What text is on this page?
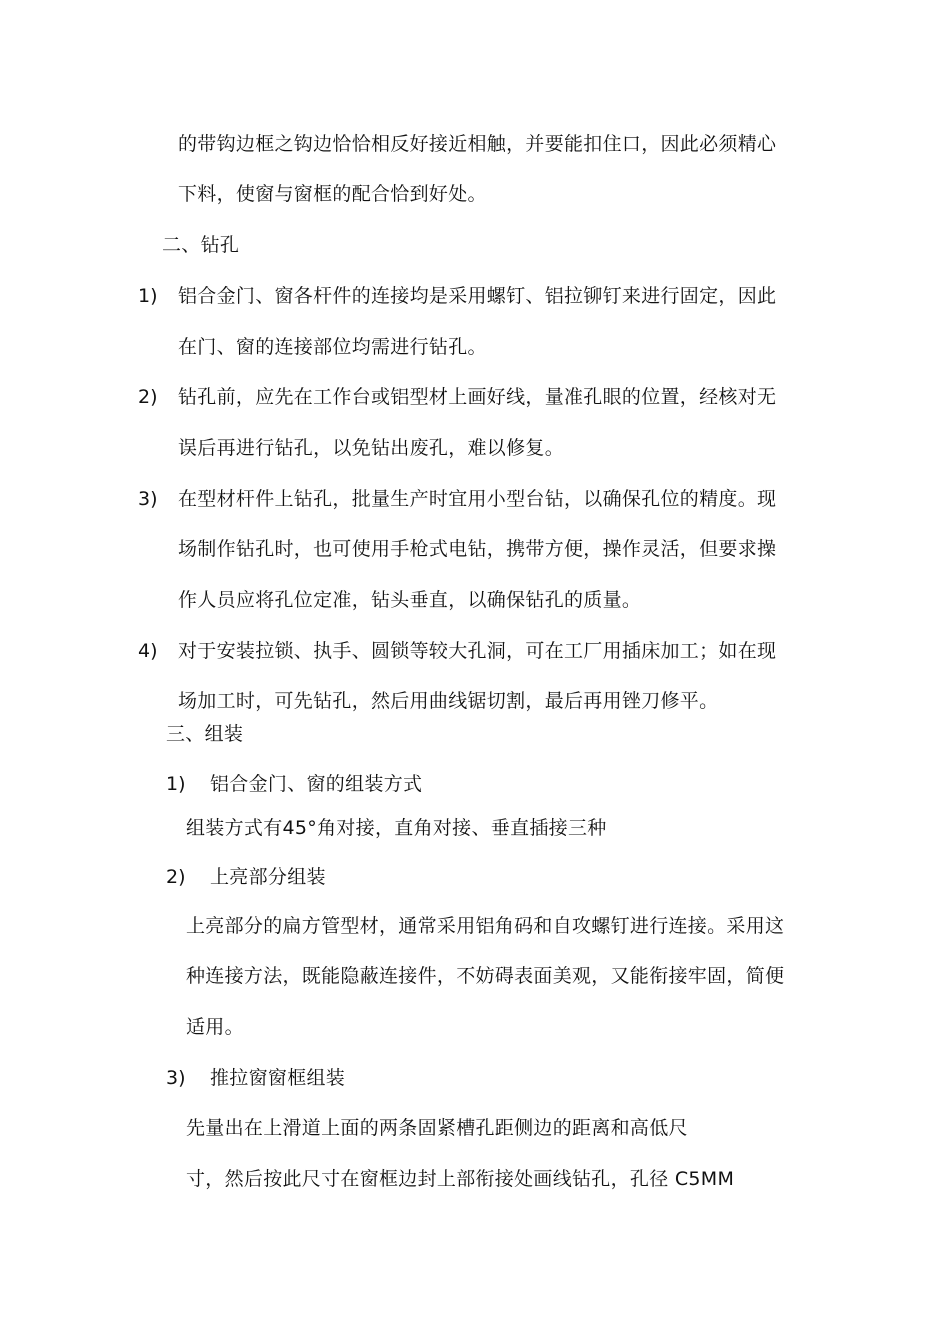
的带钩边框之钩边恰恰相反好接近相触，并要能扣住口，因此必须精心
下料，使窗与窗框的配合恰到好处。
二、钻孔
1) 铝合金门、窗各杆件的连接均是采用螺钉、铝拉铆钉来进行固定，因此
在门、窗的连接部位均需进行钻孔。
2) 钻孔前，应先在工作台或铝型材上画好线，量准孔眼的位置，经核对无
误后再进行钻孔，以免钻出废孔，难以修复。
3) 在型材杆件上钻孔，批量生产时宜用小型台钻，以确保孔位的精度。现
场制作钻孔时，也可使用手枪式电钻，携带方便，操作灵活，但要求操
作人员应将孔位定准，钻头垂直，以确保钻孔的质量。
4) 对于安装拉锁、执手、圆锁等较大孔洞，可在工厂用插床加工；如在现
场加工时，可先钻孔，然后用曲线锯切割，最后再用锉刀修平。
三、组装
1) 铝合金门、窗的组装方式
组装方式有45°角对接，直角对接、垂直插接三种
2) 上亮部分组装
上亮部分的扁方管型材，通常采用铝角码和自攻螺钉进行连接。采用这
种连接方法，既能隐蔽连接件，不妨碍表面美观，又能衔接牢固，简便
适用。
3) 推拉窗窗框组装
先量出在上滑道上面的两条固紧槽孔距侧边的距离和高低尺
寸，然后按此尺寸在窗框边封上部衔接处画线钻孔，孔径 C5MM
